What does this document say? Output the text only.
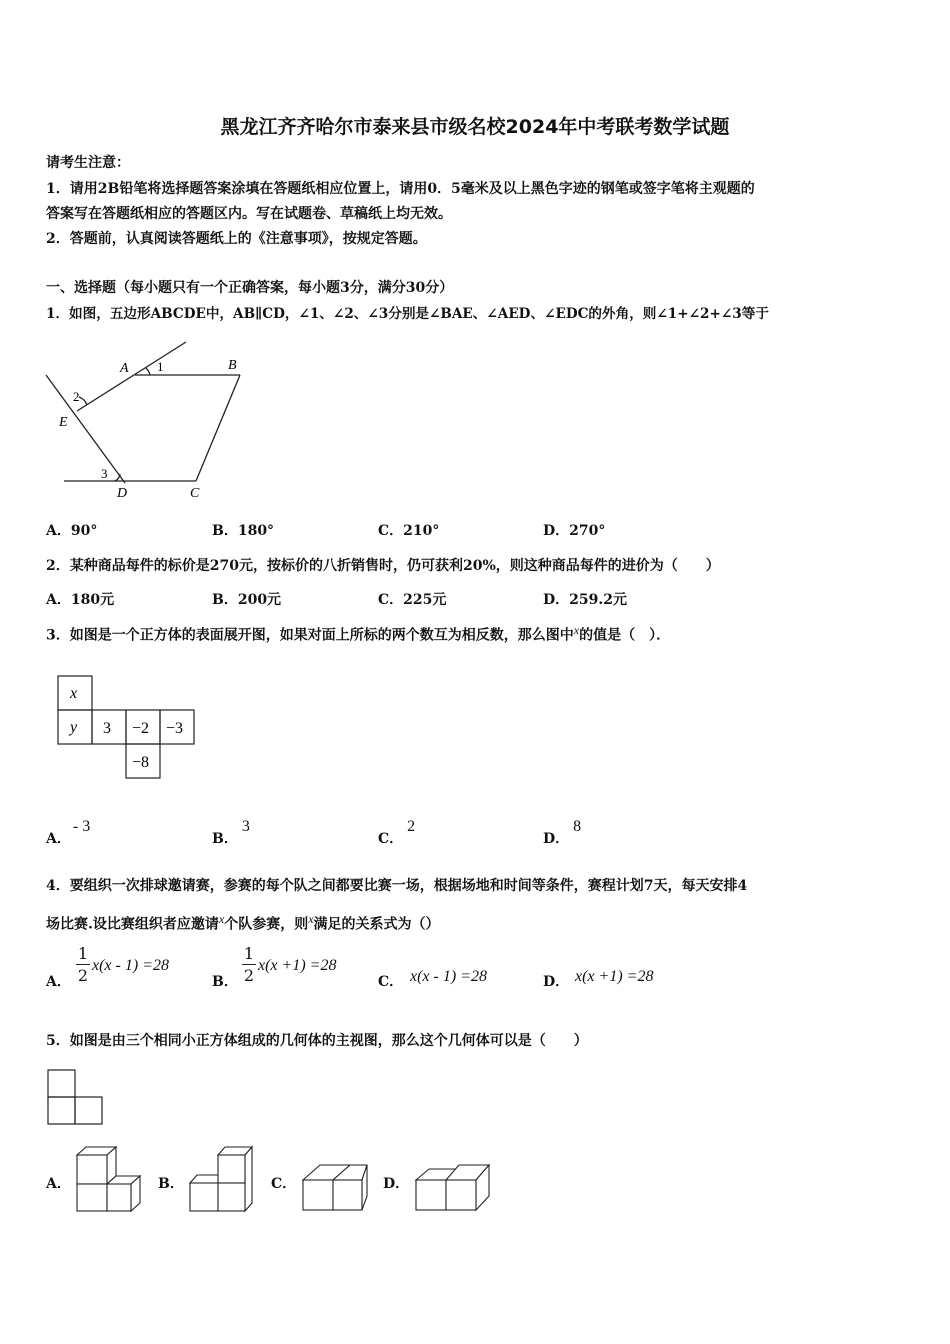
黑龙江齐齐哈尔市泰来县市级名校2024年中考联考数学试题
请考生注意：
1．请用2B铅笔将选择题答案涂填在答题纸相应位置上，请用0．5毫米及以上黑色字迹的钢笔或签字笔将主观题的
答案写在答题纸相应的答题区内。写在试题卷、草稿纸上均无效。
2．答题前，认真阅读答题纸上的《注意事项》，按规定答题。
一、选择题（每小题只有一个正确答案，每小题3分，满分30分）
1．如图，五边形ABCDE中，AB∥CD，∠1、∠2、∠3分别是∠BAE、∠AED、∠EDC的外角，则∠1+∠2+∠3等于
A	B
C
D
E
1
2
3
A．90°	B．180°	C．210°	D．270°
2．某种商品每件的标价是270元，按标价的八折销售时，仍可获利20%，则这种商品每件的进价为（　　）
A．180元	B．200元	C．225元	D．259.2元
3．如图是一个正方体的表面展开图，如果对面上所标的两个数互为相反数，那么图中$^x$的值是（　）．
x
y 3 −2 −3
−8
A．- 3
B．3
C．2
D．8
4．要组织一次排球邀请赛，参赛的每个队之间都要比赛一场，根据场地和时间等条件，赛程计划7天，每天安排4
场比赛.设比赛组织者应邀请$^x$个队参赛，则$^x$满足的关系式为（）
A．
1
2
x(x - 1) =28
B．
1
2
x(x +1) =28
C． x(x - 1) =28	D． x(x +1) =28
5．如图是由三个相同小正方体组成的几何体的主视图，那么这个几何体可以是（　　）
A．	B．	C．	D．
